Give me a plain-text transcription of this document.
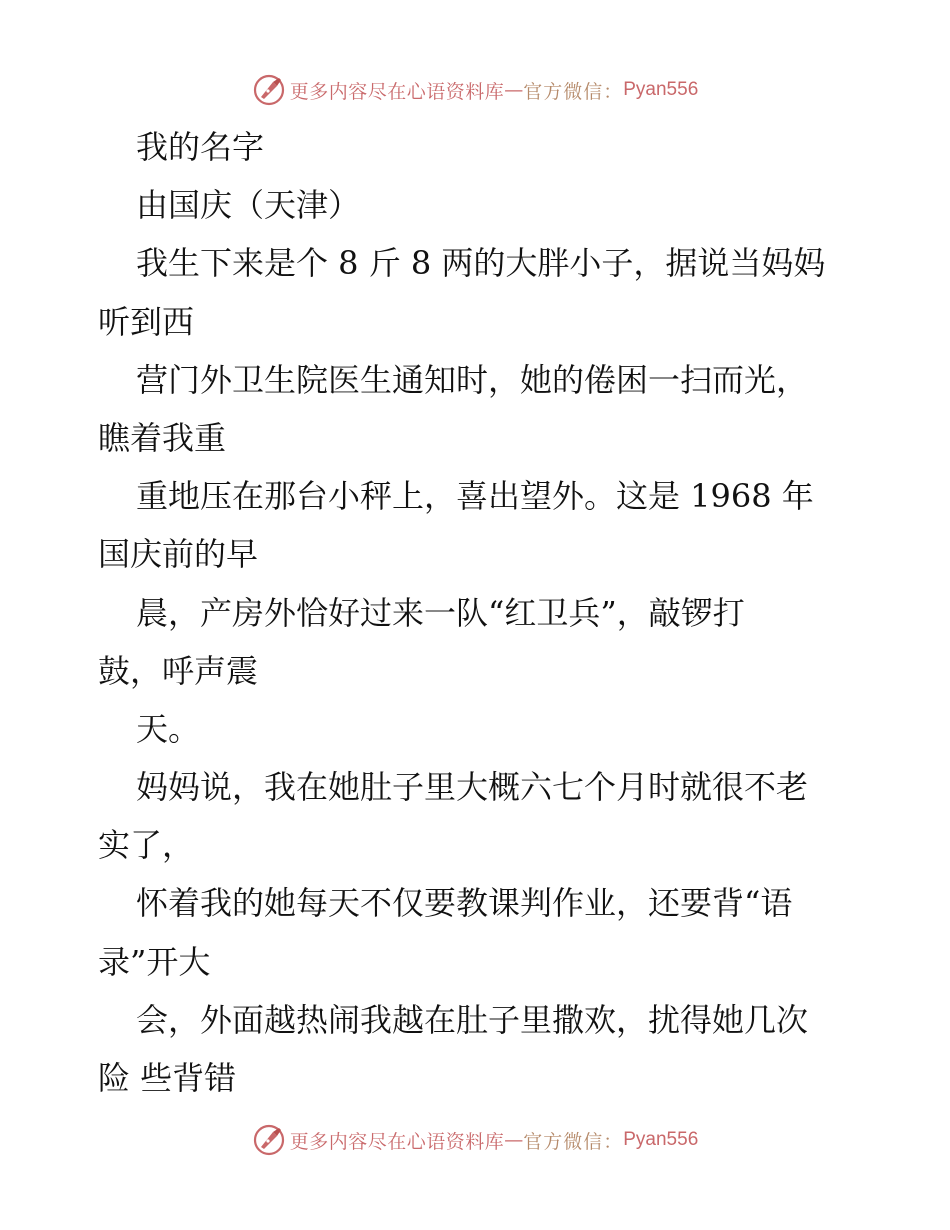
更多内容尽在心语资料库 — 官方微信： Pyan556
我的名字
由国庆（天津）
我生下来是个 8 斤 8 两的大胖小子，据说当妈妈
听到西
营门外卫生院医生通知时，她的倦困一扫而光，
瞧着我重
重地压在那台小秤上，喜出望外。这是 1968 年
国庆前的早
晨，产房外恰好过来一队“红卫兵”，敲锣打
鼓，呼声震
天。
妈妈说，我在她肚子里大概六七个月时就很不老
实了，
怀着我的她每天不仅要教课判作业，还要背“语
录”开大
会，外面越热闹我越在肚子里撒欢，扰得她几次
险 些背错
更多内容尽在心语资料库 — 官方微信： Pyan556
